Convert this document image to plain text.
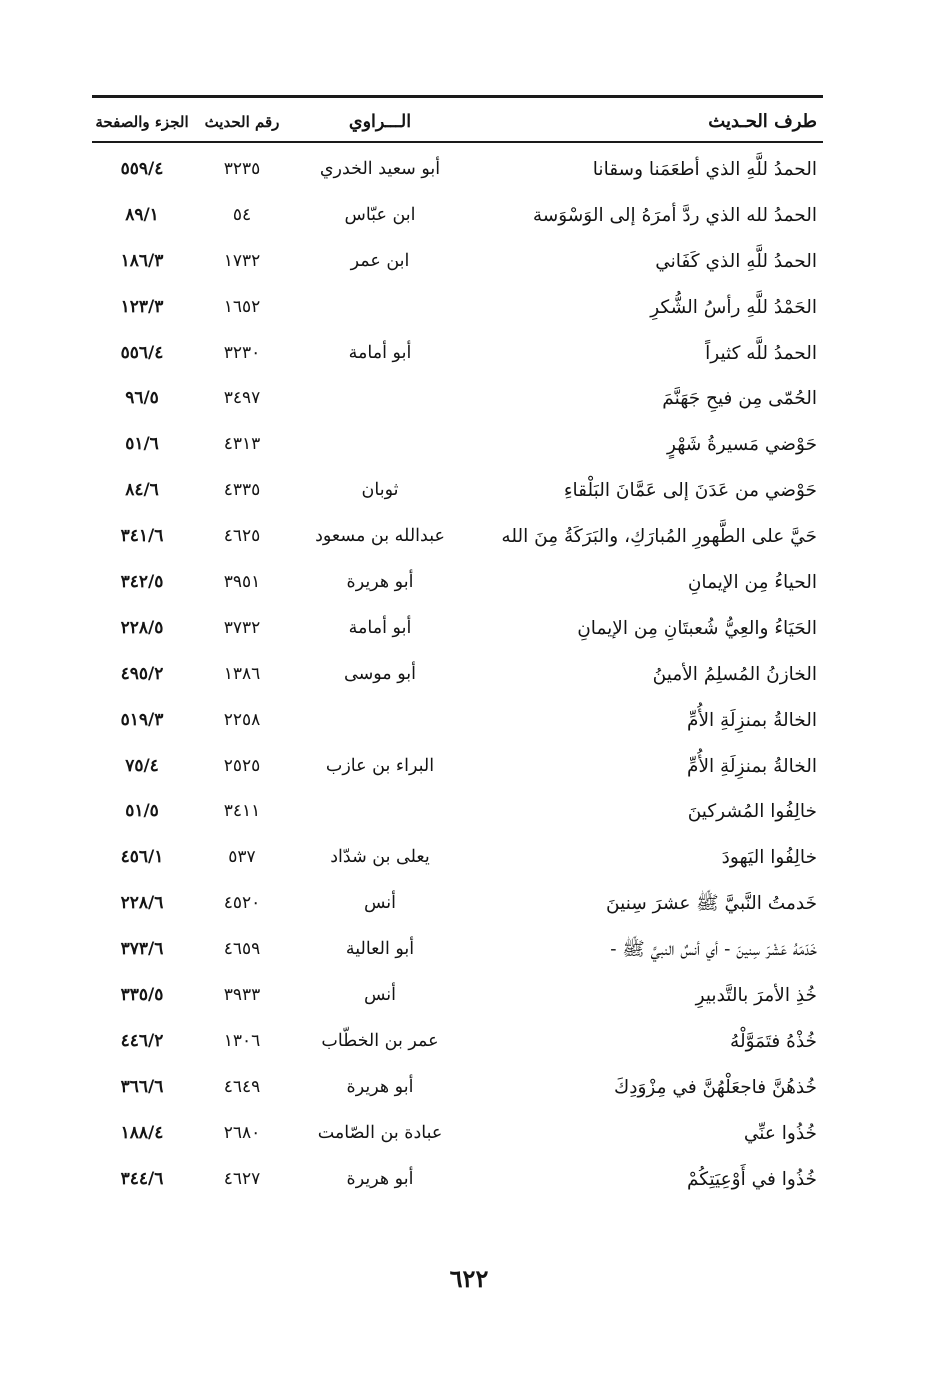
طرف الحـديث
الـــراوي
رقم الحديث
الجزء والصفحة
الحمدُ للَّهِ الذي أطعَمَنا وسقانا
أبو سعيد الخدري
٣٢٣٥
٥٥٩/٤
الحمدُ لله الذي ردَّ أمرَهُ إلى الوَسْوَسة
ابن عبّاس
٥٤
٨٩/١
الحمدُ للَّهِ الذي كَفَاني
ابن عمر
١٧٣٢
١٨٦/٣
الحَمْدُ للَّهِ رأسُ الشُّكرِ
١٦٥٢
١٢٣/٣
الحمدُ للَّه كثيراً
أبو أمامة
٣٢٣٠
٥٥٦/٤
الحُمّى مِن فيحِ جَهَنَّمَ
٣٤٩٧
٩٦/٥
حَوْضي مَسيرةُ شَهْرٍ
٤٣١٣
٥١/٦
حَوْضي من عَدَنَ إلى عَمَّانَ البَلْقاءِ
ثوبان
٤٣٣٥
٨٤/٦
حَيَّ على الطَّهورِ المُبارَكِ، والبَرَكَةُ مِنَ الله
عبدالله بن مسعود
٤٦٢٥
٣٤١/٦
الحياءُ مِن الإيمانِ
أبو هريرة
٣٩٥١
٣٤٢/٥
الحَيَاءُ والعِيُّ شُعبتَانِ مِن الإيمانِ
أبو أمامة
٣٧٣٢
٢٢٨/٥
الخازنُ المُسلِمُ الأمينُ
أبو موسى
١٣٨٦
٤٩٥/٢
الخالةُ بمنزِلَةِ الأُمِّ
٢٢٥٨
٥١٩/٣
الخالةُ بمنزِلَةِ الأُمِّ
البراء بن عازب
٢٥٢٥
٧٥/٤
خالِفُوا المُشركينَ
٣٤١١
٥١/٥
خالِفُوا اليَهودَ
يعلى بن شدّاد
٥٣٧
٤٥٦/١
خَدمتُ النَّبيَّ ﷺ عشرَ سِنينَ
أنس
٤٥٢٠
٢٢٨/٦
خَدَمَهُ عَشْرَ سِنينَ - أي أنسٌ النبيَّ ﷺ -
أبو العالية
٤٦٥٩
٣٧٣/٦
خُذِ الأمرَ بالتَّدبيرِ
أنس
٣٩٣٣
٣٣٥/٥
خُذْهُ فتَمَوَّلْهُ
عمر بن الخطّاب
١٣٠٦
٤٤٦/٢
خُذهُنَّ فاجعَلْهُنَّ في مِزْوَدِكَ
أبو هريرة
٤٦٤٩
٣٦٦/٦
خُذُوا عنِّي
عبادة بن الصّامت
٢٦٨٠
١٨٨/٤
خُذُوا في أَوْعِيَتِكُمْ
أبو هريرة
٤٦٢٧
٣٤٤/٦
٦٢٢
